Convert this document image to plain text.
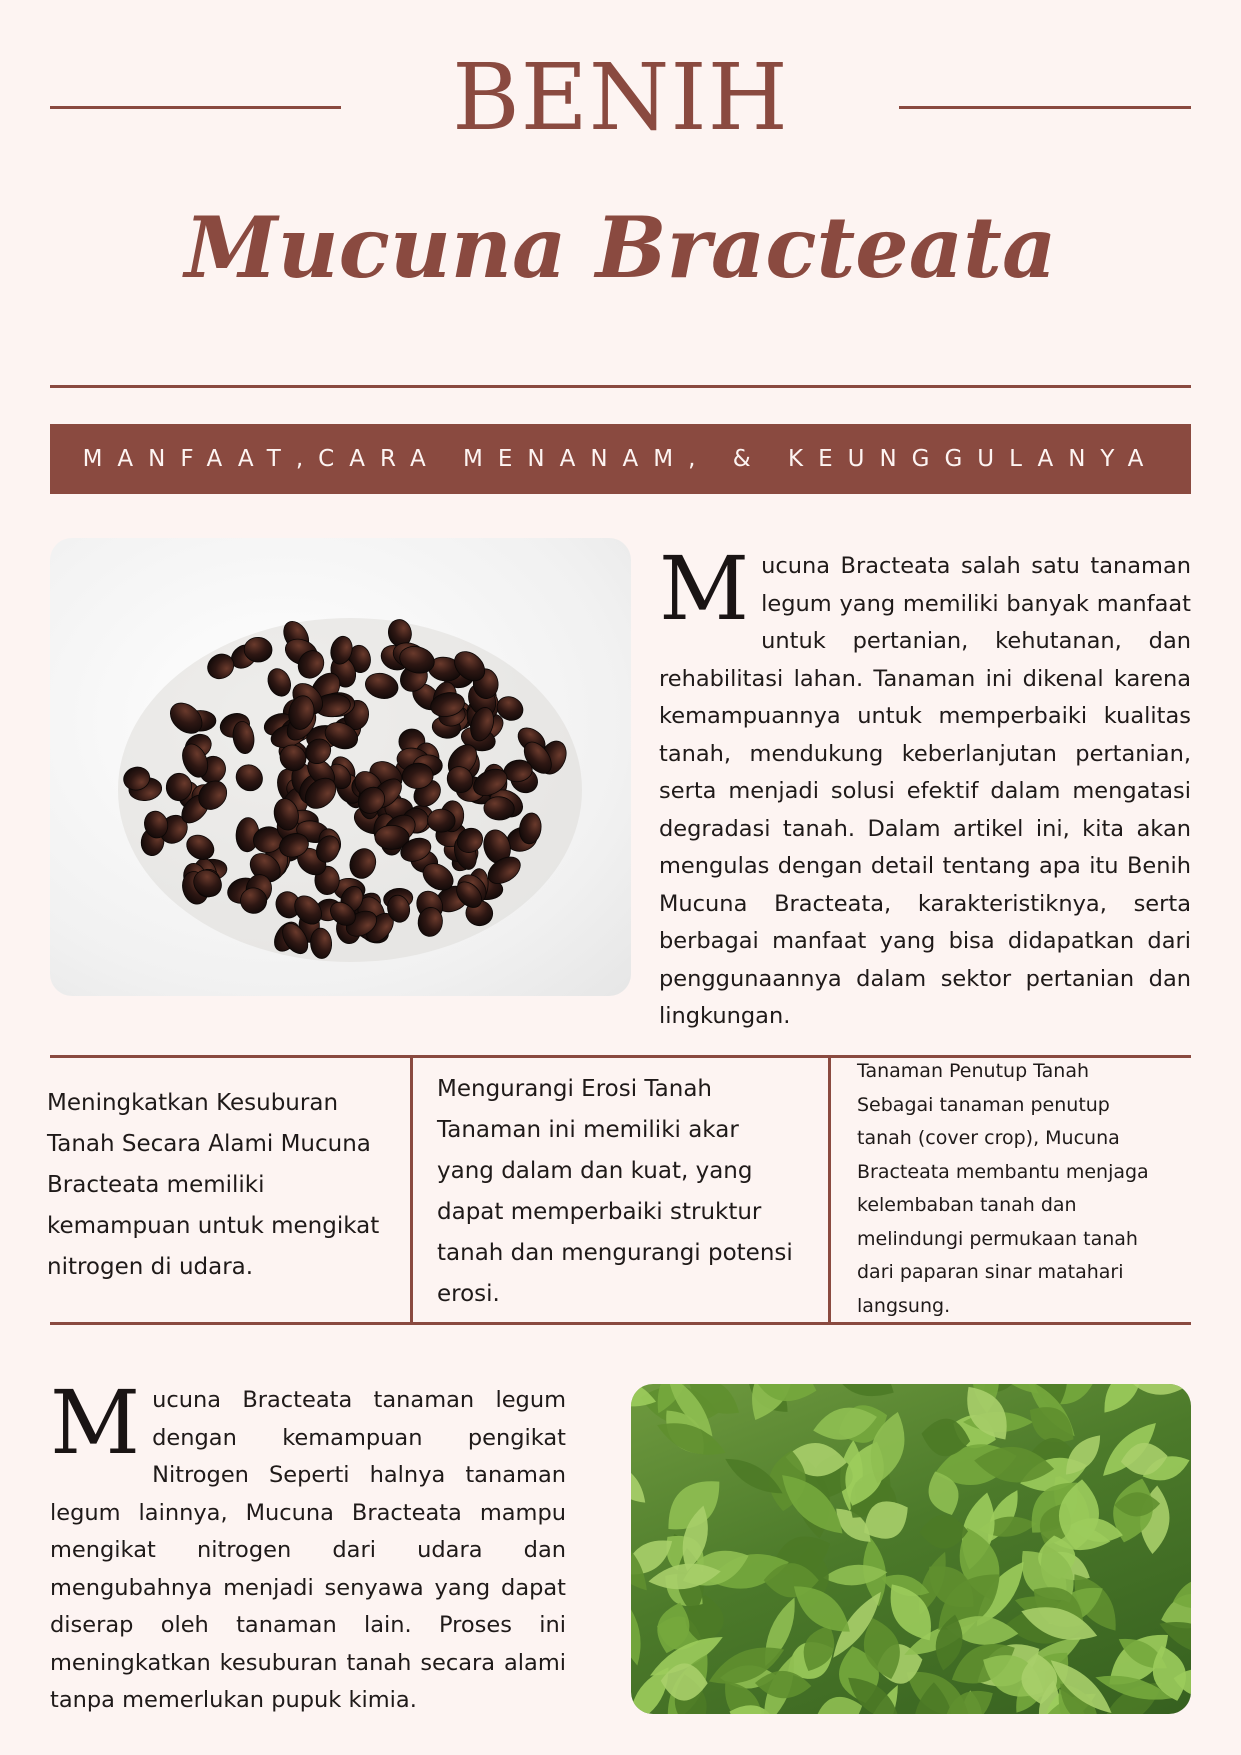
BENIH
Mucuna Bracteata
MANFAAT,CARA MENANAM, & KEUNGGULANYA
Mucuna Bracteata salah satu tanaman legum yang memiliki banyak manfaat untuk pertanian, kehutanan, dan rehabilitasi lahan. Tanaman ini dikenal karena kemampuannya untuk memperbaiki kualitas tanah, mendukung keberlanjutan pertanian, serta menjadi solusi efektif dalam mengatasi degradasi tanah. Dalam artikel ini, kita akan mengulas dengan detail tentang apa itu Benih Mucuna Bracteata, karakteristiknya, serta berbagai manfaat yang bisa didapatkan dari penggunaannya dalam sektor pertanian dan lingkungan.
Meningkatkan Kesuburan Tanah Secara Alami Mucuna Bracteata memiliki kemampuan untuk mengikat nitrogen di udara.
Mengurangi Erosi Tanah Tanaman ini memiliki akar yang dalam dan kuat, yang dapat memperbaiki struktur tanah dan mengurangi potensi erosi.
Tanaman Penutup Tanah Sebagai tanaman penutup tanah (cover crop), Mucuna Bracteata membantu menjaga kelembaban tanah dan melindungi permukaan tanah dari paparan sinar matahari langsung.
Mucuna Bracteata tanaman legum dengan kemampuan pengikat Nitrogen Seperti halnya tanaman legum lainnya, Mucuna Bracteata mampu mengikat nitrogen dari udara dan mengubahnya menjadi senyawa yang dapat diserap oleh tanaman lain. Proses ini meningkatkan kesuburan tanah secara alami tanpa memerlukan pupuk kimia.
